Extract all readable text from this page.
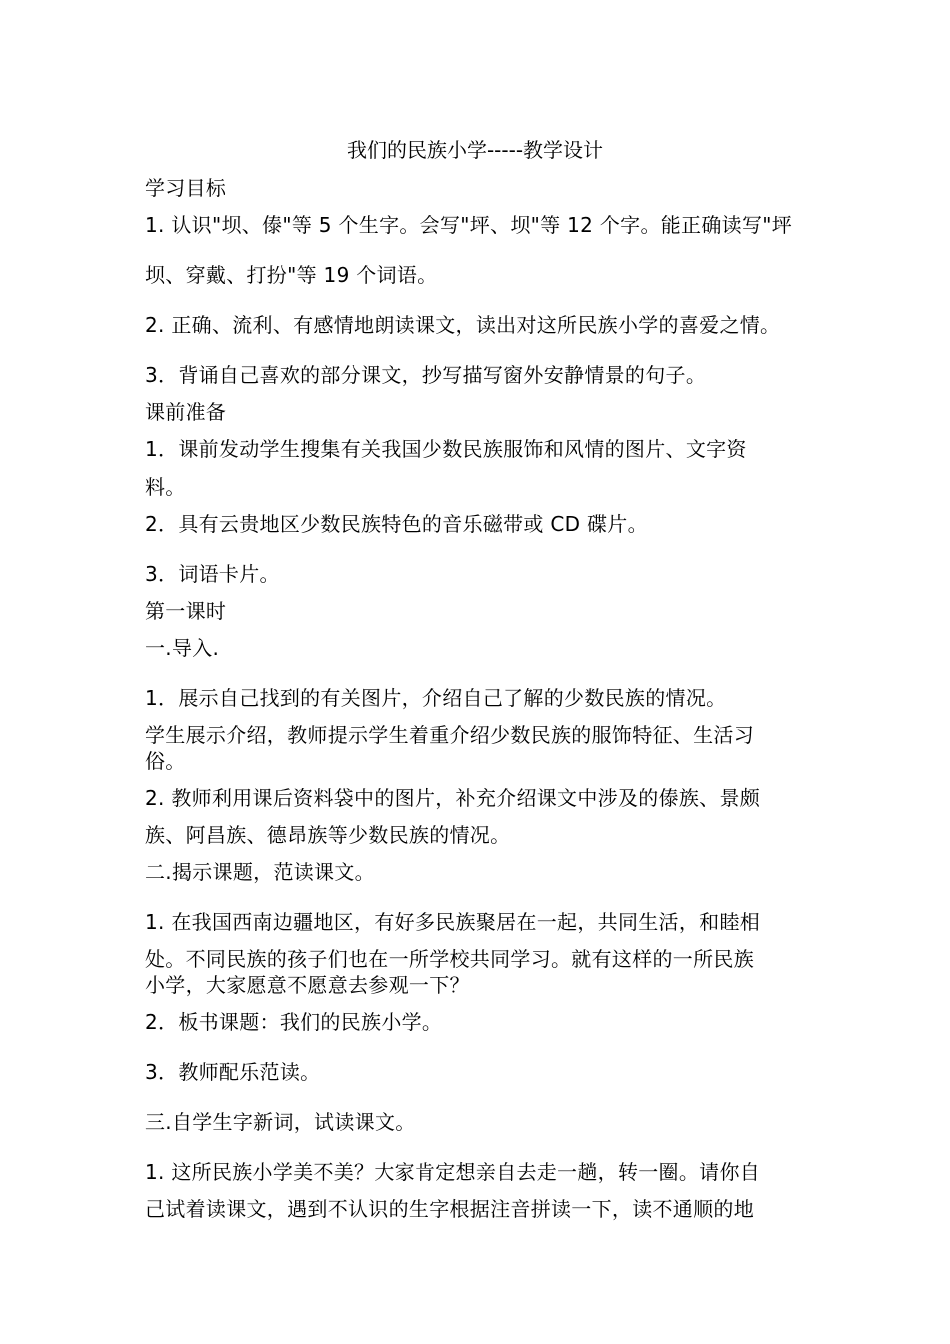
我们的民族小学-----教学设计
学习目标
1. 认识"坝、傣"等 5 个生字。会写"坪、坝"等 12 个字。能正确读写"坪
坝、穿戴、打扮"等 19 个词语。
2. 正确、流利、有感情地朗读课文，读出对这所民族小学的喜爱之情。
3．背诵自己喜欢的部分课文，抄写描写窗外安静情景的句子。
课前准备
1．课前发动学生搜集有关我国少数民族服饰和风情的图片、文字资
料。
2．具有云贵地区少数民族特色的音乐磁带或 CD 碟片。
3．词语卡片。
第一课时
一.导入.
1．展示自己找到的有关图片，介绍自己了解的少数民族的情况。
学生展示介绍，教师提示学生着重介绍少数民族的服饰特征、生活习
俗。
2. 教师利用课后资料袋中的图片，补充介绍课文中涉及的傣族、景颇
族、阿昌族、德昂族等少数民族的情况。
二.揭示课题，范读课文。
1. 在我国西南边疆地区，有好多民族聚居在一起，共同生活，和睦相
处。不同民族的孩子们也在一所学校共同学习。就有这样的一所民族
小学，大家愿意不愿意去参观一下？
2．板书课题：我们的民族小学。
3．教师配乐范读。
三.自学生字新词，试读课文。
1. 这所民族小学美不美？大家肯定想亲自去走一趟，转一圈。请你自
己试着读课文，遇到不认识的生字根据注音拼读一下，读不通顺的地
